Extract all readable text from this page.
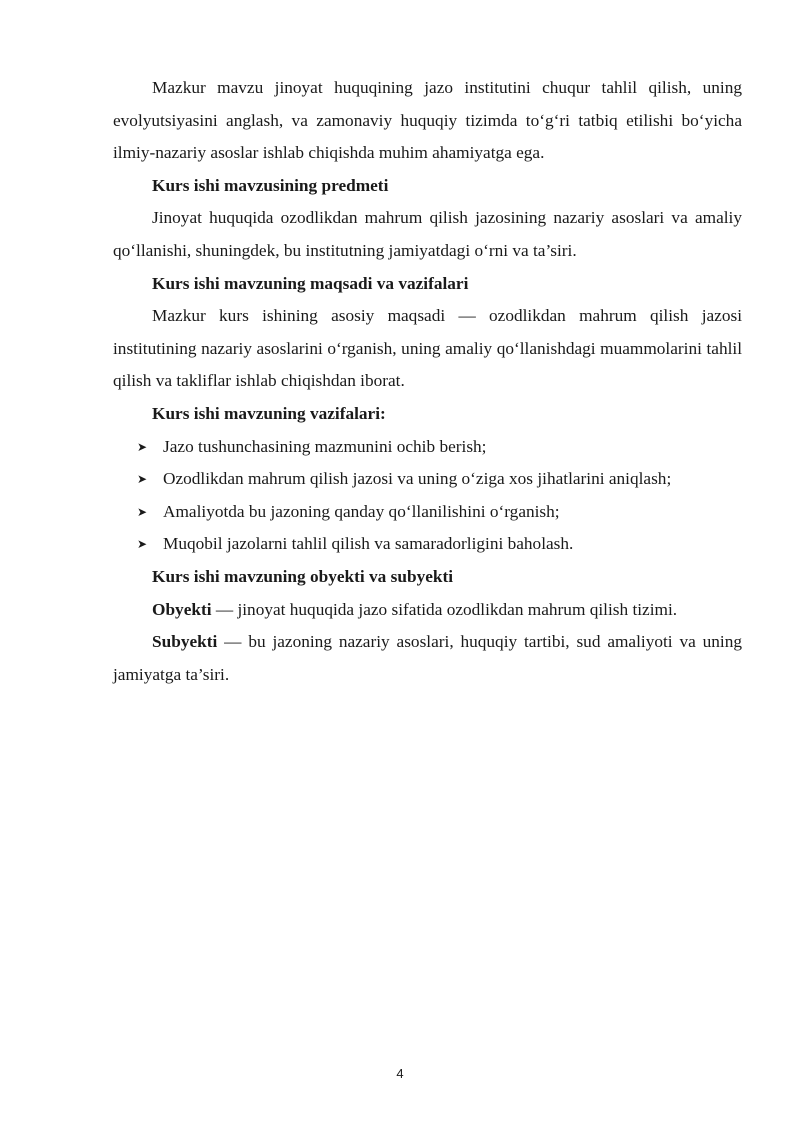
Mazkur mavzu jinoyat huquqining jazo institutini chuqur tahlil qilish, uning evolyutsiyasini anglash, va zamonaviy huquqiy tizimda to‘g‘ri tatbiq etilishi bo‘yicha ilmiy-nazariy asoslar ishlab chiqishda muhim ahamiyatga ega.

Kurs ishi mavzusining predmeti

Jinoyat huquqida ozodlikdan mahrum qilish jazosining nazariy asoslari va amaliy qo‘llanishi, shuningdek, bu institutning jamiyatdagi o‘rni va ta’siri.

Kurs ishi mavzuning maqsadi va vazifalari

Mazkur kurs ishining asosiy maqsadi — ozodlikdan mahrum qilish jazosi institutining nazariy asoslarini o‘rganish, uning amaliy qo‘llanishdagi muammolarini tahlil qilish va takliflar ishlab chiqishdan iborat.

Kurs ishi mavzuning vazifalari:

➤ Jazo tushunchasining mazmunini ochib berish;
➤ Ozodlikdan mahrum qilish jazosi va uning o‘ziga xos jihatlarini aniqlash;
➤ Amaliyotda bu jazoning qanday qo‘llanilishini o‘rganish;
➤ Muqobil jazolarni tahlil qilish va samaradorligini baholash.

Kurs ishi mavzuning obyekti va subyekti

Obyekti — jinoyat huquqida jazo sifatida ozodlikdan mahrum qilish tizimi.

Subyekti — bu jazoning nazariy asoslari, huquqiy tartibi, sud amaliyoti va uning jamiyatga ta’siri.

4
